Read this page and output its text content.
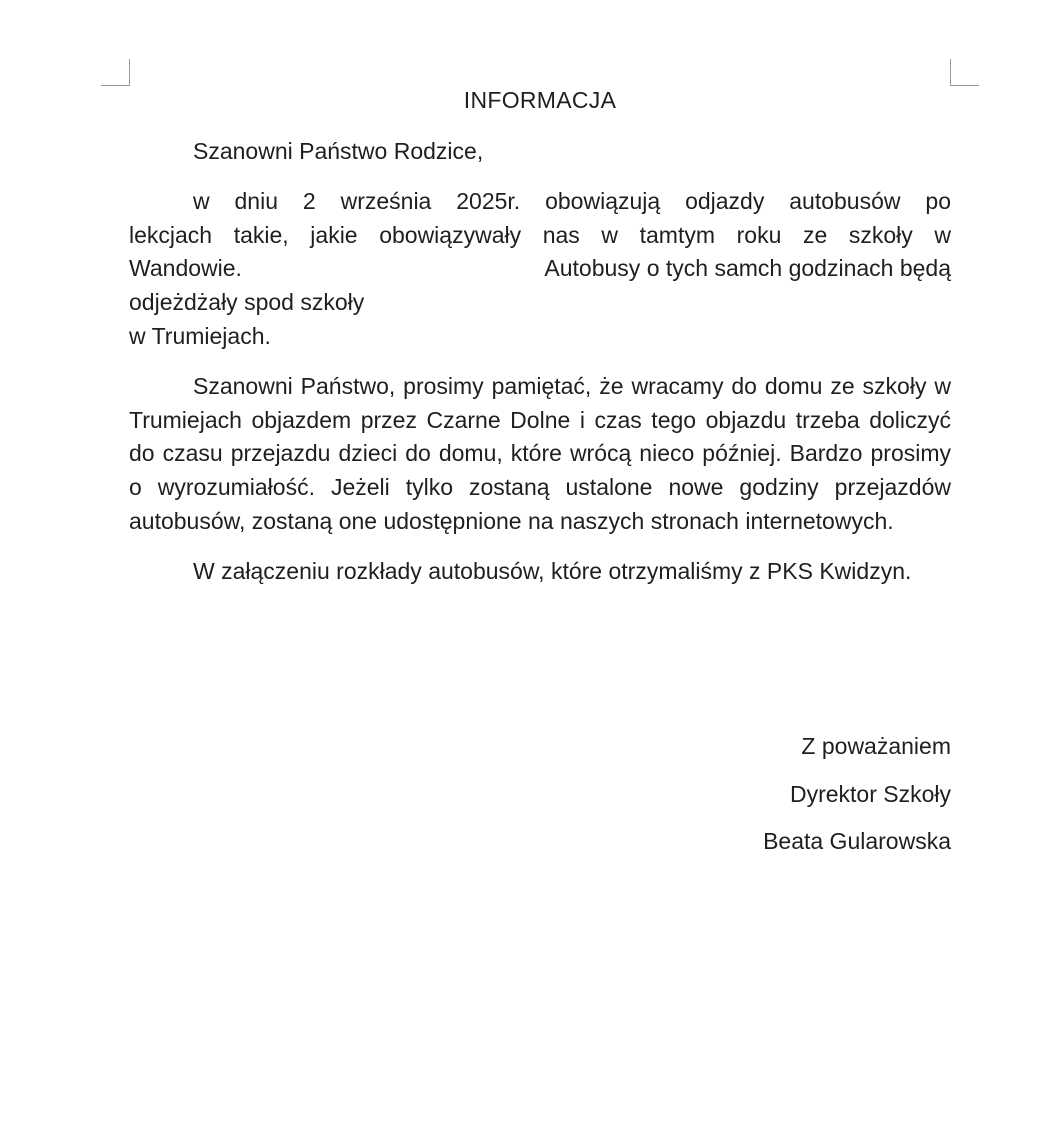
INFORMACJA

Szanowni Państwo Rodzice,

w dniu 2 września 2025r. obowiązują odjazdy autobusów po
lekcjach takie, jakie obowiązywały nas w tamtym roku ze szkoły w
Wandowie.	Autobusy o tych samch godzinach będą
odjeżdżały spod szkoły
w Trumiejach.

Szanowni Państwo, prosimy pamiętać, że wracamy do domu ze szkoły w Trumiejach objazdem przez Czarne Dolne i czas tego objazdu trzeba doliczyć do czasu przejazdu dzieci do domu, które wrócą nieco później. Bardzo prosimy o wyrozumiałość. Jeżeli tylko zostaną ustalone nowe godziny przejazdów autobusów, zostaną one udostępnione na naszych stronach internetowych.

W załączeniu rozkłady autobusów, które otrzymaliśmy z PKS Kwidzyn.

Z poważaniem
Dyrektor Szkoły
Beata Gularowska
